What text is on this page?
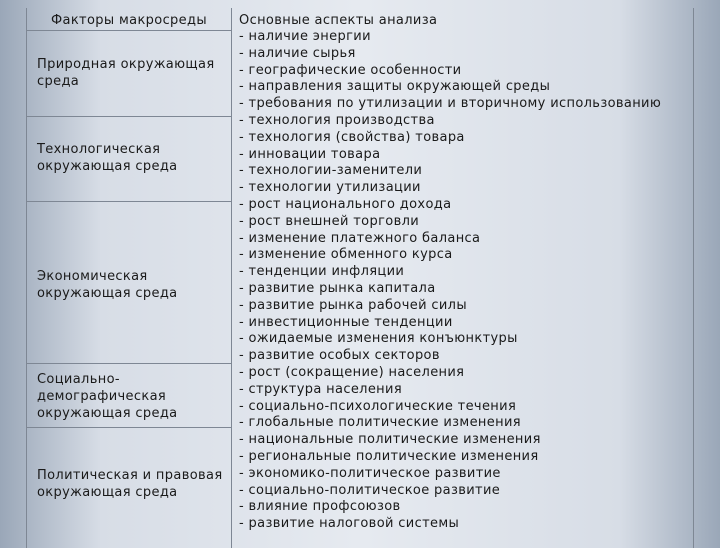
Факторы макросреды Основные аспекты анализа
Природная окружающая
среда
Технологическая
окружающая среда
Экономическая
окружающая среда
Социально-
демографическая
окружающая среда
Политическая и правовая
окружающая среда
- наличие энергии
- наличие сырья
- географические особенности
- направления защиты окружающей среды
- требования по утилизации и вторичному использованию
- технология производства
- технология (свойства) товара
- инновации товара
- технологии-заменители
- технологии утилизации
- рост национального дохода
- рост внешней торговли
- изменение платежного баланса
- изменение обменного курса
- тенденции инфляции
- развитие рынка капитала
- развитие рынка рабочей силы
- инвестиционные тенденции
- ожидаемые изменения конъюнктуры
- развитие особых секторов
- рост (сокращение) населения
- структура населения
- социально-психологические течения
- глобальные политические изменения
- национальные политические изменения
- региональные политические изменения
- экономико-политическое развитие
- социально-политическое развитие
- влияние профсоюзов
- развитие налоговой системы
